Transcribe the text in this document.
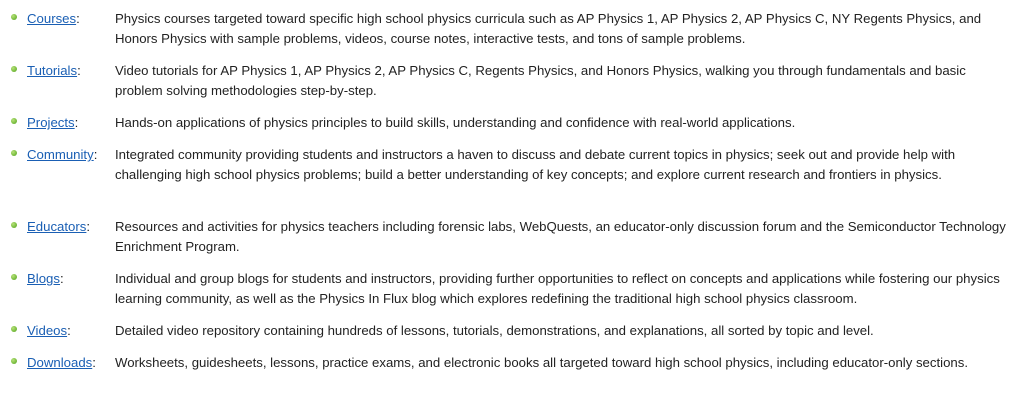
Courses:	Physics courses targeted toward specific high school physics curricula such as AP Physics 1, AP Physics 2, AP Physics C, NY Regents Physics, and Honors Physics with sample problems, videos, course notes, interactive tests, and tons of sample problems.

Tutorials:	Video tutorials for AP Physics 1, AP Physics 2, AP Physics C, Regents Physics, and Honors Physics, walking you through fundamentals and basic problem solving methodologies step-by-step.

Projects:	Hands-on applications of physics principles to build skills, understanding and confidence with real-world applications.

Community: Integrated community providing students and instructors a haven to discuss and debate current topics in physics; seek out and provide help with challenging high school physics problems; build a better understanding of key concepts; and explore current research and frontiers in physics.

Educators: Resources and activities for physics teachers including forensic labs, WebQuests, an educator-only discussion forum and the Semiconductor Technology Enrichment Program.

Blogs:	Individual and group blogs for students and instructors, providing further opportunities to reflect on concepts and applications while fostering our physics learning community, as well as the Physics In Flux blog which explores redefining the traditional high school physics classroom.

Videos:	Detailed video repository containing hundreds of lessons, tutorials, demonstrations, and explanations, all sorted by topic and level.

Downloads: Worksheets, guidesheets, lessons, practice exams, and electronic books all targeted toward high school physics, including educator-only sections.
